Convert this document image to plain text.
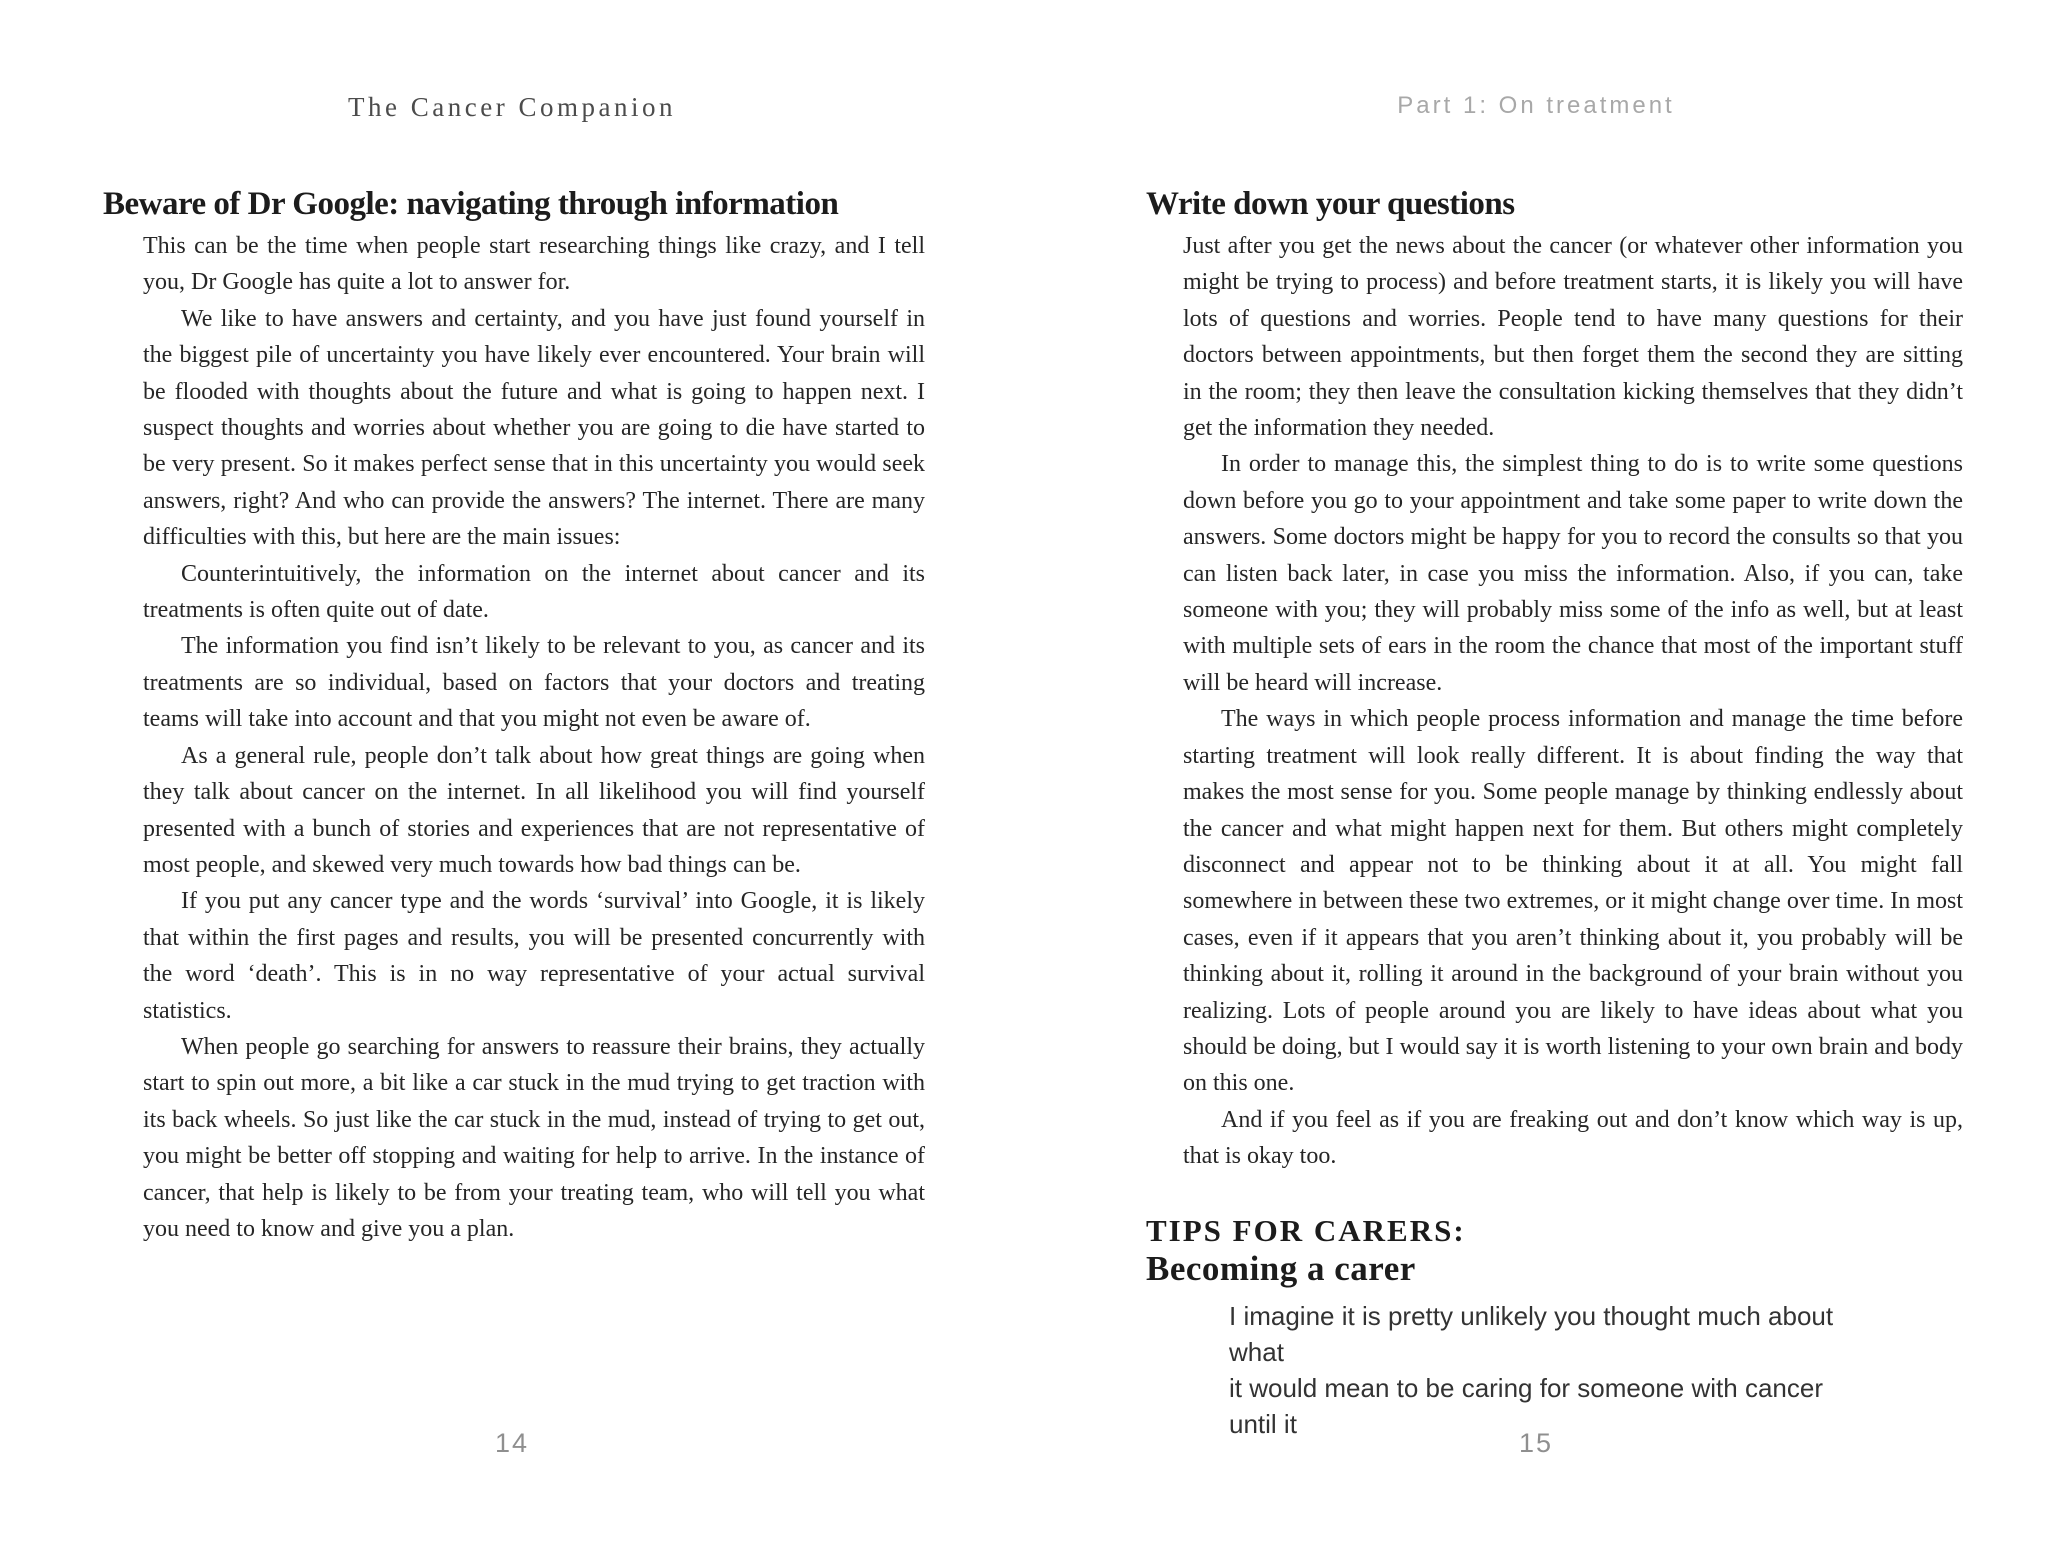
The Cancer Companion
Beware of Dr Google: navigating through information

This can be the time when people start researching things like crazy, and I tell you, Dr Google has quite a lot to answer for.

We like to have answers and certainty, and you have just found yourself in the biggest pile of uncertainty you have likely ever encountered. Your brain will be flooded with thoughts about the future and what is going to happen next. I suspect thoughts and worries about whether you are going to die have started to be very present. So it makes perfect sense that in this uncertainty you would seek answers, right? And who can provide the answers? The internet. There are many difficulties with this, but here are the main issues:

Counterintuitively, the information on the internet about cancer and its treatments is often quite out of date.

The information you find isn’t likely to be relevant to you, as cancer and its treatments are so individual, based on factors that your doctors and treating teams will take into account and that you might not even be aware of.

As a general rule, people don’t talk about how great things are going when they talk about cancer on the internet. In all likelihood you will find yourself presented with a bunch of stories and experiences that are not representative of most people, and skewed very much towards how bad things can be.

If you put any cancer type and the words ‘survival’ into Google, it is likely that within the first pages and results, you will be presented concurrently with the word ‘death’. This is in no way representative of your actual survival statistics.

When people go searching for answers to reassure their brains, they actually start to spin out more, a bit like a car stuck in the mud trying to get traction with its back wheels. So just like the car stuck in the mud, instead of trying to get out, you might be better off stopping and waiting for help to arrive. In the instance of cancer, that help is likely to be from your treating team, who will tell you what you need to know and give you a plan.

14
Part 1: On treatment
Write down your questions

Just after you get the news about the cancer (or whatever other information you might be trying to process) and before treatment starts, it is likely you will have lots of questions and worries. People tend to have many questions for their doctors between appointments, but then forget them the second they are sitting in the room; they then leave the consultation kicking themselves that they didn’t get the information they needed.

In order to manage this, the simplest thing to do is to write some questions down before you go to your appointment and take some paper to write down the answers. Some doctors might be happy for you to record the consults so that you can listen back later, in case you miss the information. Also, if you can, take someone with you; they will probably miss some of the info as well, but at least with multiple sets of ears in the room the chance that most of the important stuff will be heard will increase.

The ways in which people process information and manage the time before starting treatment will look really different. It is about finding the way that makes the most sense for you. Some people manage by thinking endlessly about the cancer and what might happen next for them. But others might completely disconnect and appear not to be thinking about it at all. You might fall somewhere in between these two extremes, or it might change over time. In most cases, even if it appears that you aren’t thinking about it, you probably will be thinking about it, rolling it around in the background of your brain without you realizing. Lots of people around you are likely to have ideas about what you should be doing, but I would say it is worth listening to your own brain and body on this one.

And if you feel as if you are freaking out and don’t know which way is up, that is okay too.

TIPS FOR CARERS:
Becoming a carer
I imagine it is pretty unlikely you thought much about what
it would mean to be caring for someone with cancer until it
15
